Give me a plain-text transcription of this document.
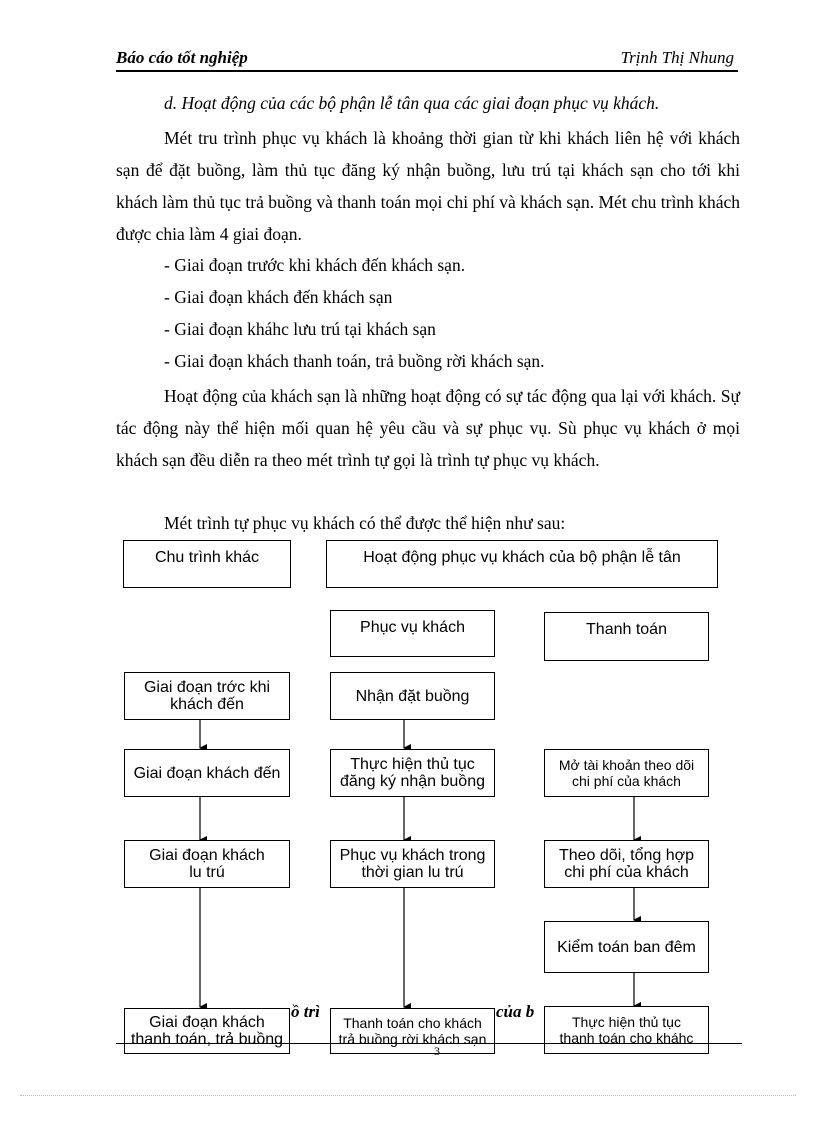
Báo cáo tốt nghiệp	Trịnh Thị Nhung
d. Hoạt động của các bộ phận lễ tân qua các giai đoạn phục vụ khách.
Mét tru trình phục vụ khách là khoảng thời gian từ khi khách liên hệ với khách sạn để đặt buồng, làm thủ tục đăng ký nhận buồng, lưu trú tại khách sạn cho tới khi khách làm thủ tục trả buồng và thanh toán mọi chi phí và khách sạn. Mét chu trình khách được chia làm 4 giai đoạn.
- Giai đoạn trước khi khách đến khách sạn.
- Giai đoạn khách đến khách sạn
- Giai đoạn kháhc lưu trú tại khách sạn
- Giai đoạn khách thanh toán, trả buồng rời khách sạn.
Hoạt động của khách sạn là những hoạt động có sự tác động qua lại với khách. Sự tác động này thể hiện mối quan hệ yêu cầu và sự phục vụ. Sù phục vụ khách ở mọi khách sạn đều diễn ra theo mét trình tự gọi là trình tự phục vụ khách.
Mét trình tự phục vụ khách có thể được thể hiện như sau:
Chu trình khác	Hoạt động phục vụ khách của bộ phận lễ tân
Phục vụ khách	Thanh toán
Giai đoạn trớc khi
khách đến
Giai đoạn khách đến
Giai đoạn khách
lu trú
Giai đoạn khách
thanh toán, trả buồng
Nhận đặt buồng
Thực hiện thủ tục
đăng ký nhận buồng
Phục vụ khách trong
thời gian lu trú
Thanh toán cho khách
trả buồng rời khách sạn
Mở tài khoản theo dõi
chi phí của khách
Theo dõi, tổng hợp
chi phí của khách
Kiểm toán ban đêm
Thực hiện thủ tục
thanh toán cho kháhc
ồ trì	của b
3
